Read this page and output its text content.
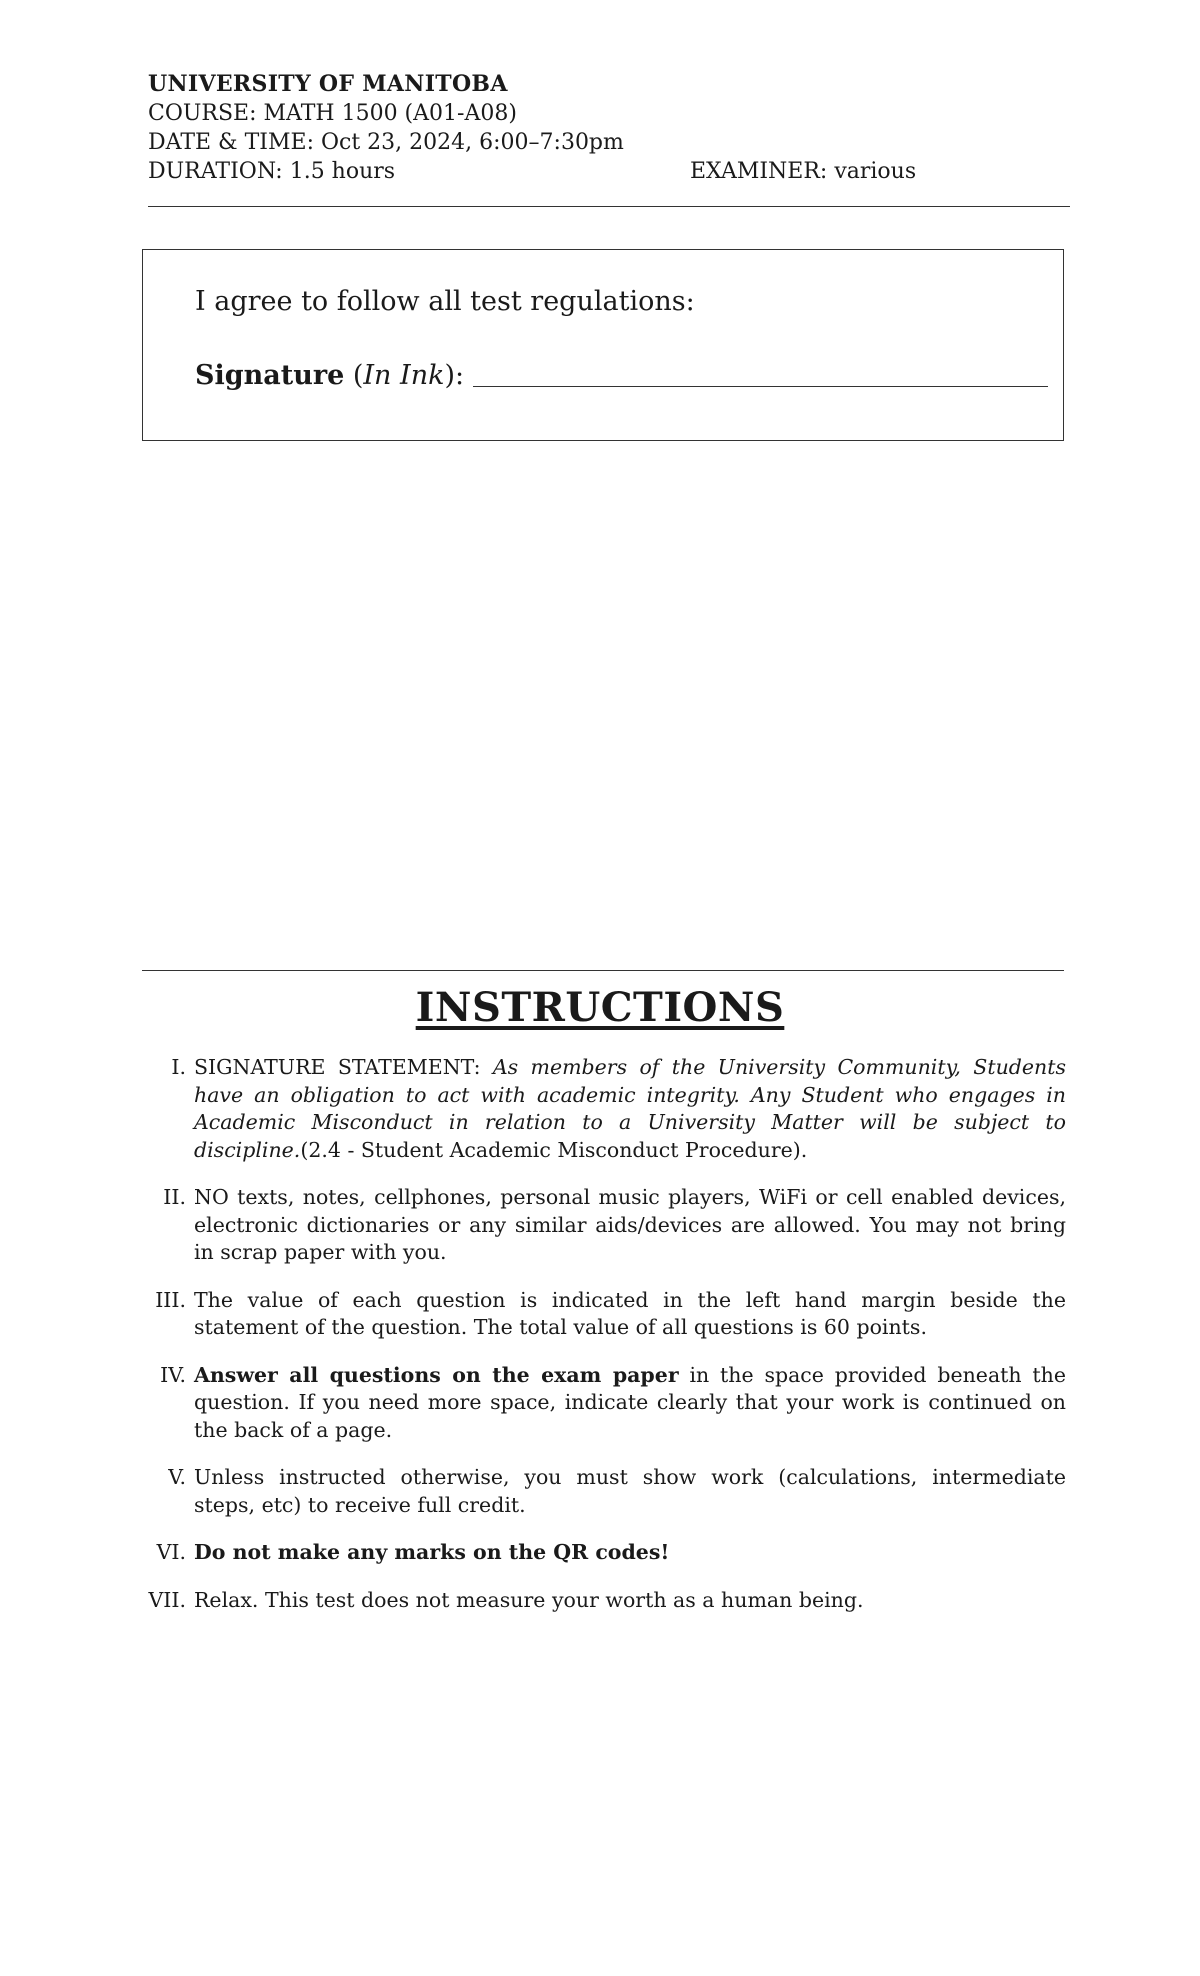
UNIVERSITY OF MANITOBA
COURSE: MATH 1500 (A01-A08)
DATE & TIME: Oct 23, 2024, 6:00–7:30pm
DURATION: 1.5 hours	EXAMINER: various
I agree to follow all test regulations:
Signature ( In Ink ):
INSTRUCTIONS
I. SIGNATURE STATEMENT: As members of the University Community, Students have an obligation to act with academic integrity. Any Student who engages in Academic Misconduct in relation to a University Matter will be subject to discipline.(2.4 - Student Academic Misconduct Procedure).
II. NO texts, notes, cellphones, personal music players, WiFi or cell enabled devices, electronic dictionaries or any similar aids/devices are allowed. You may not bring in scrap paper with you.
III. The value of each question is indicated in the left hand margin beside the statement of the question. The total value of all questions is 60 points.
IV. Answer all questions on the exam paper in the space provided beneath the question. If you need more space, indicate clearly that your work is continued on the back of a page.
V. Unless instructed otherwise, you must show work (calculations, intermediate steps, etc) to receive full credit.
VI. Do not make any marks on the QR codes!
VII. Relax. This test does not measure your worth as a human being.
